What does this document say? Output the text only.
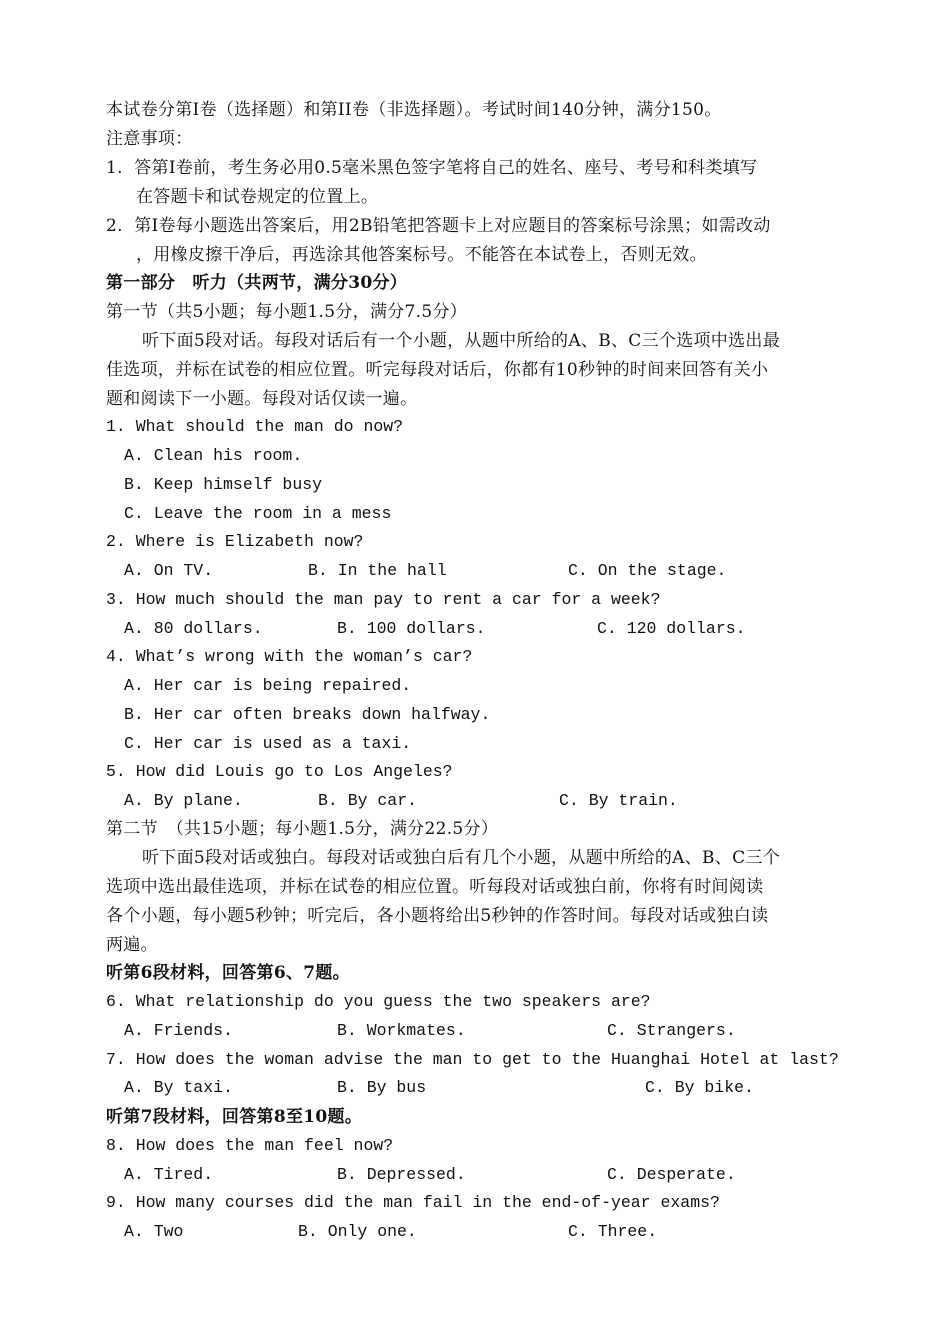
本试卷分第I卷（选择题）和第II卷（非选择题）。考试时间140分钟，满分150。
注意事项：
1.  答第I卷前，考生务必用0.5毫米黑色签字笔将自己的姓名、座号、考号和科类填写
在答题卡和试卷规定的位置上。
2.  第I卷每小题选出答案后，用2B铅笔把答题卡上对应题目的答案标号涂黑；如需改动
，用橡皮擦干净后，再选涂其他答案标号。不能答在本试卷上，否则无效。
第一部分　听力（共两节，满分30分）
第一节（共5小题；每小题1.5分，满分7.5分）
听下面5段对话。每段对话后有一个小题，从题中所给的A、B、C三个选项中选出最
佳选项，并标在试卷的相应位置。听完每段对话后，你都有10秒钟的时间来回答有关小
题和阅读下一小题。每段对话仅读一遍。
1. What should the man do now?
A. Clean his room.
B. Keep himself busy
C. Leave the room in a mess
2. Where is Elizabeth now?
A. On TV.	B. In the hall	C. On the stage.
3. How much should the man pay to rent a car for a week?
A. 80 dollars.	B. 100 dollars.	C. 120 dollars.
4. What’s wrong with the woman’s car?
A. Her car is being repaired.
B. Her car often breaks down halfway.
C. Her car is used as a taxi.
5. How did Louis go to Los Angeles?
A. By plane.	B. By car.	C. By train.
第二节　（共15小题；每小题1.5分，满分22.5分）
听下面5段对话或独白。每段对话或独白后有几个小题，从题中所给的A、B、C三个
选项中选出最佳选项，并标在试卷的相应位置。听每段对话或独白前，你将有时间阅读
各个小题，每小题5秒钟；听完后，各小题将给出5秒钟的作答时间。每段对话或独白读
两遍。
听第6段材料，回答第6、7题。
6. What relationship do you guess the two speakers are?
A. Friends.	B. Workmates.	C. Strangers.
7. How does the woman advise the man to get to the Huanghai Hotel at last?
A. By taxi.	B. By bus	C. By bike.
听第7段材料，回答第8至10题。
8. How does the man feel now?
A. Tired.	B. Depressed.	C. Desperate.
9. How many courses did the man fail in the end-of-year exams?
A. Two	B. Only one.	C. Three.
